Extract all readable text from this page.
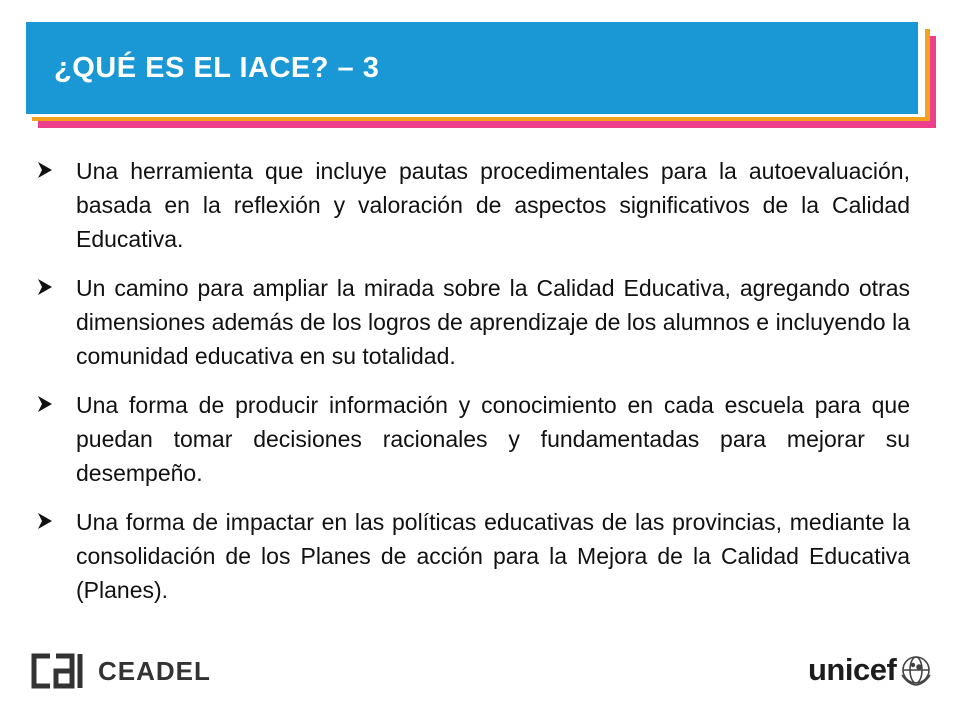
¿QUÉ ES EL IACE? – 3

Una herramienta que incluye pautas procedimentales para la autoevaluación, basada en la reflexión y valoración de aspectos significativos de la Calidad Educativa.

Un camino para ampliar la mirada sobre la Calidad Educativa, agregando otras dimensiones además de los logros de aprendizaje de los alumnos e incluyendo la comunidad educativa en su totalidad.

Una forma de producir información y conocimiento en cada escuela para que puedan tomar decisiones racionales y fundamentadas para mejorar su desempeño.

Una forma de impactar en las políticas educativas de las provincias, mediante la consolidación de los Planes de acción para la Mejora de la Calidad Educativa (Planes).

CEADEL	unicef
